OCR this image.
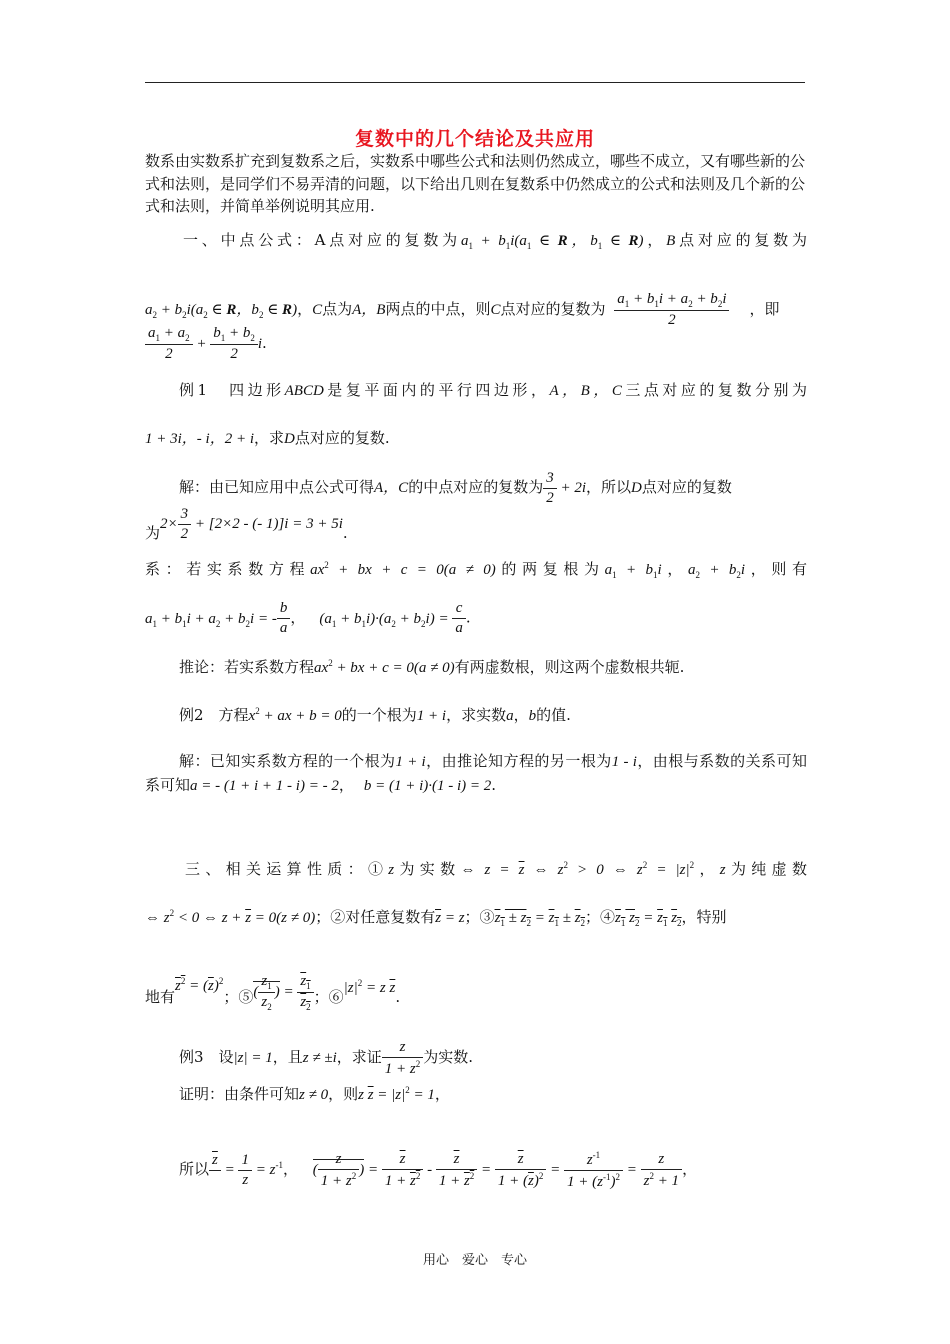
复数中的几个结论及共应用
数系由实数系扩充到复数系之后，实数系中哪些公式和法则仍然成立，哪些不成立，又有哪些新的公式和法则，是同学们不易弄清的问题，以下给出几则在复数系中仍然成立的公式和法则及几个新的公式和法则，并简单举例说明其应用.
一、中点公式：A点对应的复数为$a_1 + b_1i(a_1$ ∈ R，$b_1$ ∈ R)，B点对应的复数为
$a_2 + b_2i(a_2$ ∈ R，$b_2$ ∈ R)，C点为A，B两点的中点，则C点对应的复数为 $\frac{a_1 + b_1i + a_2 + b_2i}{2}$ ，即
$\frac{a_1 + a_2}{2} + \frac{b_1 + b_2}{2} i$.
例1　四边形ABCD是复平面内的平行四边形，A，B，C三点对应的复数分别为
1 + 3i，- i，2 + i，求D点对应的复数.
解：由已知应用中点公式可得A，C的中点对应的复数为 $\frac{3}{2} + 2i$，所以D点对应的复数
为$2\times \frac{3}{2} + [2\times 2$ - (- 1)]i = 3 + 5i.
系：若实系数方程$ax^2$ + bx + c = 0(a ≠ 0)的两复根为$a_1 + b_1i$，$a_2 + b_2i$，则有
$a_1 + b_1i + a_2 + b_2i$ = - $\frac{b}{a}$ ， $(a_1 + b_1i)\cdot(a_2 + b_2i) = \frac{c}{a}$ .
推论：若实系数方程$ax^2$ + bx + c = 0(a ≠ 0)有两虚数根，则这两个虚数根共轭.
例2　方程$x^2$ + ax + b = 0的一个根为1 + i，求实数a，b的值.
解：已知实系数方程的一个根为1 + i，由推论知方程的另一根为1 - i，由根与系数的关系可知
系可知a = - (1 + i + 1 - i) = - 2， b = (1 + i)·(1 - i) = 2.
三、相关运算性质：①z为实数⇔ $z = \overline{z}$ ⇔ $z^2 > 0$ ⇔ $z^2 = |z|^2$，z为纯虚数
⇔ $z^2 < 0$ ⇔ $z + \overline{z} = 0(z \ne 0)$；②对任意复数有$\overline{z} = z$；$③z_1 \pm z_2 = z_1 \pm z_2$；$④z_1$ $z_2 = z_1$ $z_2$，特别
地有$z^2 = (\overline{z})^2$；⑤( $\frac{z_1}{z_2}$ ) = $\frac{z_1}{z_2}$ ；$⑥|z|^2 = z$ $\overline{z}$.
例3　设|z| = 1，且z ≠ ±i，求证 $\frac{z}{1 + z^2}$ 为实数.
证明：由条件可知z ≠ 0，则z $\overline{z} = |z|^2 = 1$，
所以
$\overline{z}$

= $\frac{1}{z} = z^{-1}$， ( $\frac{z}{1 + z^2}$ ) = $\frac{\overline{z}}{1 + z^2} - \frac{\overline{z}}{1 + z^2} = \frac{\overline{z}}{1 + (\overline{z})^2} = \frac{z^{-1}}{1 + (z^{-1})^2} = \frac{z}{z^2 + 1}$ ，
用心　爱心　专心
